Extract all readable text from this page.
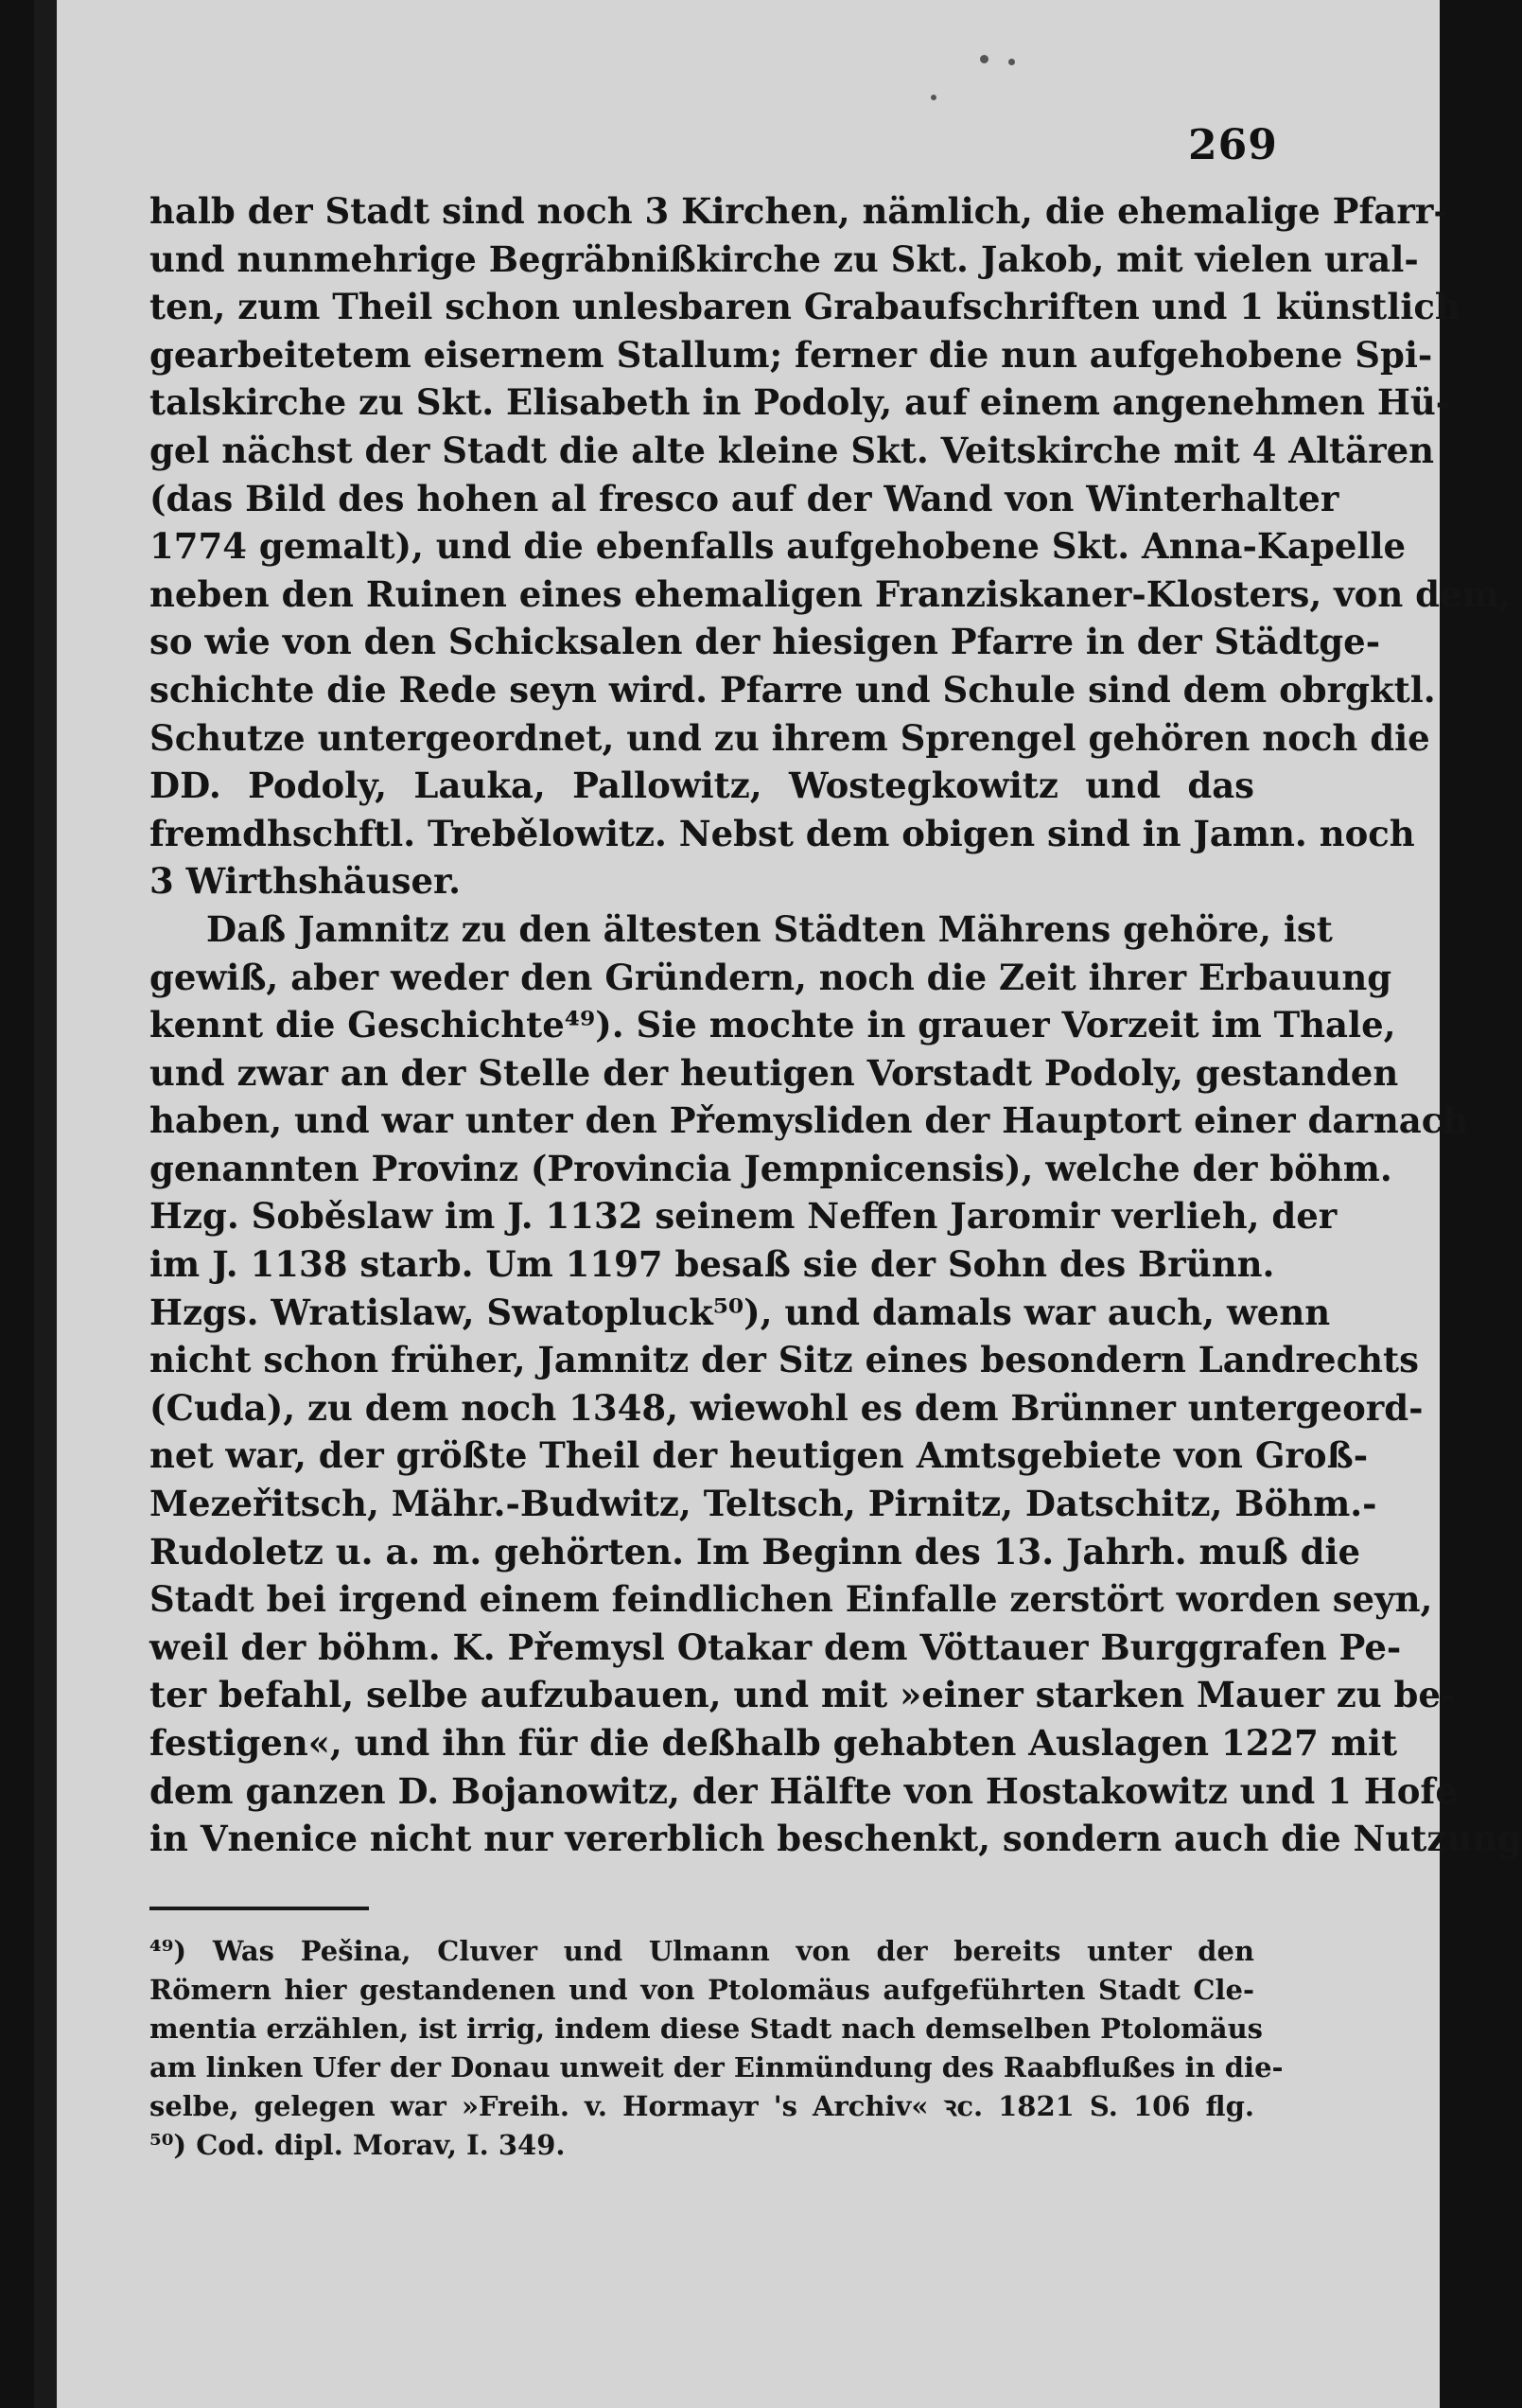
269
halb der Stadt sind noch 3 Kirchen, nämlich, die ehemalige Pfarr-
und nunmehrige Begräbnißkirche zu Skt. Jakob, mit vielen ural-
ten, zum Theil schon unlesbaren Grabaufschriften und 1 künstlich
gearbeitetem eisernem Stallum; ferner die nun aufgehobene Spi-
talskirche zu Skt. Elisabeth in Podoly, auf einem angenehmen Hü-
gel nächst der Stadt die alte kleine Skt. Veitskirche mit 4 Altären
(das Bild des hohen al fresco auf der Wand von Winterhalter
1774 gemalt), und die ebenfalls aufgehobene Skt. Anna-Kapelle
neben den Ruinen eines ehemaligen Franziskaner-Klosters, von dem,
so wie von den Schicksalen der hiesigen Pfarre in der Städtge-
schichte die Rede seyn wird. Pfarre und Schule sind dem obrgktl.
Schutze untergeordnet, und zu ihrem Sprengel gehören noch die
DD. Podoly, Lauka, Pallowitz, Wostegkowitz und das
fremdhschftl. Trebělowitz. Nebst dem obigen sind in Jamn. noch
3 Wirthshäuser.
Daß Jamnitz zu den ältesten Städten Mährens gehöre, ist
gewiß, aber weder den Gründern, noch die Zeit ihrer Erbauung
kennt die Geschichte⁴⁹). Sie mochte in grauer Vorzeit im Thale,
und zwar an der Stelle der heutigen Vorstadt Podoly, gestanden
haben, und war unter den Přemysliden der Hauptort einer darnach
genannten Provinz (Provincia Jempnicensis), welche der böhm.
Hzg. Soběslaw im J. 1132 seinem Neffen Jaromir verlieh, der
im J. 1138 starb. Um 1197 besaß sie der Sohn des Brünn.
Hzgs. Wratislaw, Swatopluck⁵⁰), und damals war auch, wenn
nicht schon früher, Jamnitz der Sitz eines besondern Landrechts
(Cuda), zu dem noch 1348, wiewohl es dem Brünner untergeord-
net war, der größte Theil der heutigen Amtsgebiete von Groß-
Mezeřitsch, Mähr.-Budwitz, Teltsch, Pirnitz, Datschitz, Böhm.-
Rudoletz u. a. m. gehörten. Im Beginn des 13. Jahrh. muß die
Stadt bei irgend einem feindlichen Einfalle zerstört worden seyn,
weil der böhm. K. Přemysl Otakar dem Vöttauer Burggrafen Pe-
ter befahl, selbe aufzubauen, und mit »einer starken Mauer zu be-
festigen«, und ihn für die deßhalb gehabten Auslagen 1227 mit
dem ganzen D. Bojanowitz, der Hälfte von Hostakowitz und 1 Hofe
in Vnenice nicht nur vererblich beschenkt, sondern auch die Nutzung
⁴⁹) Was Pešina, Cluver und Ulmann von der bereits unter den
Römern hier gestandenen und von Ptolomäus aufgeführten Stadt Cle-
mentia erzählen, ist irrig, indem diese Stadt nach demselben Ptolomäus
am linken Ufer der Donau unweit der Einmündung des Raabflußes in die-
selbe, gelegen war »Freih. v. Hormayr 's Archiv« ꝛc. 1821 S. 106 flg.
⁵⁰) Cod. dipl. Morav, I. 349.
